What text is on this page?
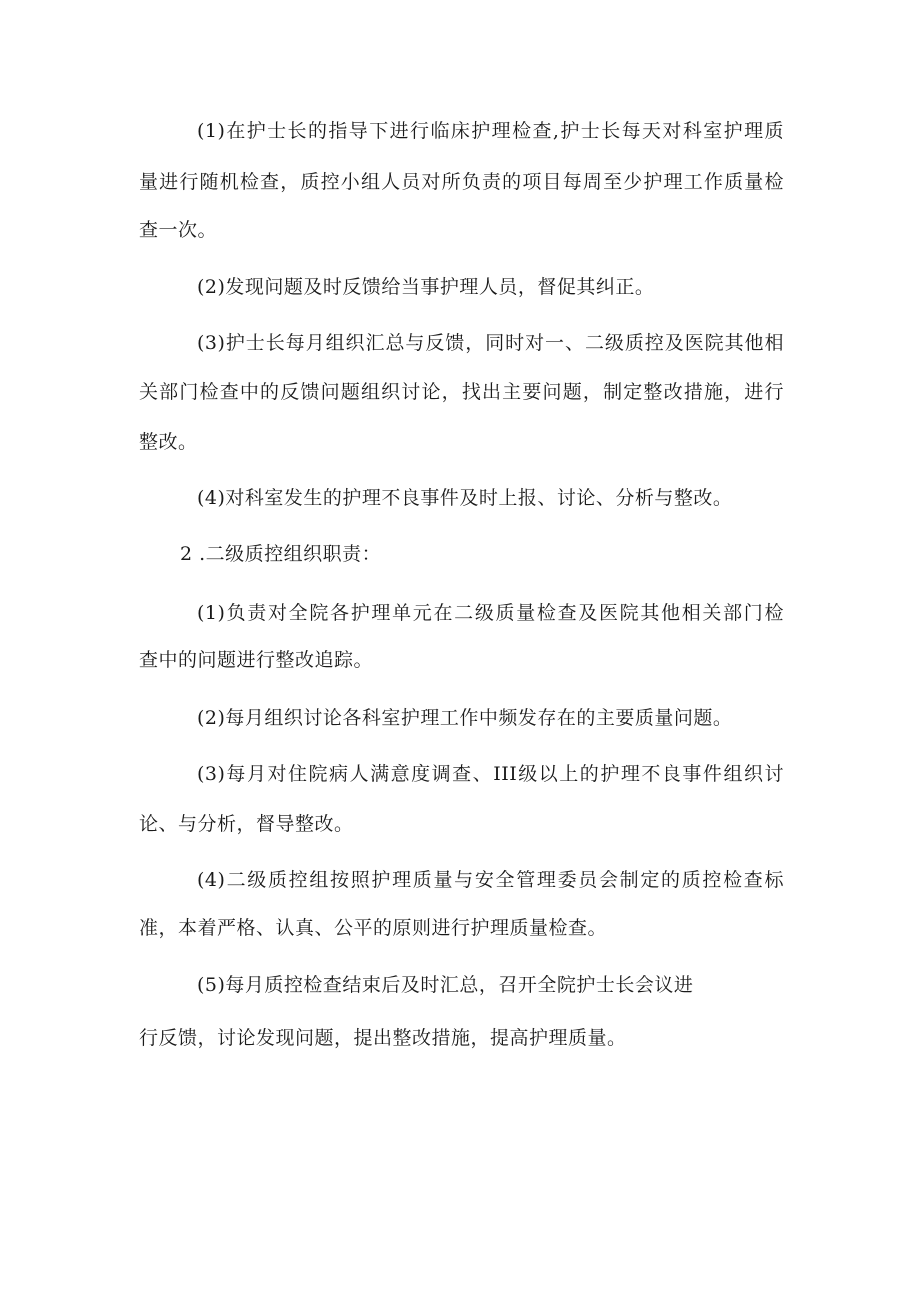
(1)在护士长的指导下进行临床护理检查,护士长每天对科室护理质
量进行随机检查，质控小组人员对所负责的项目每周至少护理工作质量检
查一次。
(2)发现问题及时反馈给当事护理人员，督促其纠正。
(3)护士长每月组织汇总与反馈，同时对一、二级质控及医院其他相
关部门检查中的反馈问题组织讨论，找出主要问题，制定整改措施，进行
整改。
(4)对科室发生的护理不良事件及时上报、讨论、分析与整改。
2 .二级质控组织职责：
(1)负责对全院各护理单元在二级质量检查及医院其他相关部门检
查中的问题进行整改追踪。
(2)每月组织讨论各科室护理工作中频发存在的主要质量问题。
(3)每月对住院病人满意度调查、III级以上的护理不良事件组织讨
论、与分析，督导整改。
(4)二级质控组按照护理质量与安全管理委员会制定的质控检查标
准，本着严格、认真、公平的原则进行护理质量检查。
(5)每月质控检查结束后及时汇总，召开全院护士长会议进
行反馈，讨论发现问题，提出整改措施，提高护理质量。
